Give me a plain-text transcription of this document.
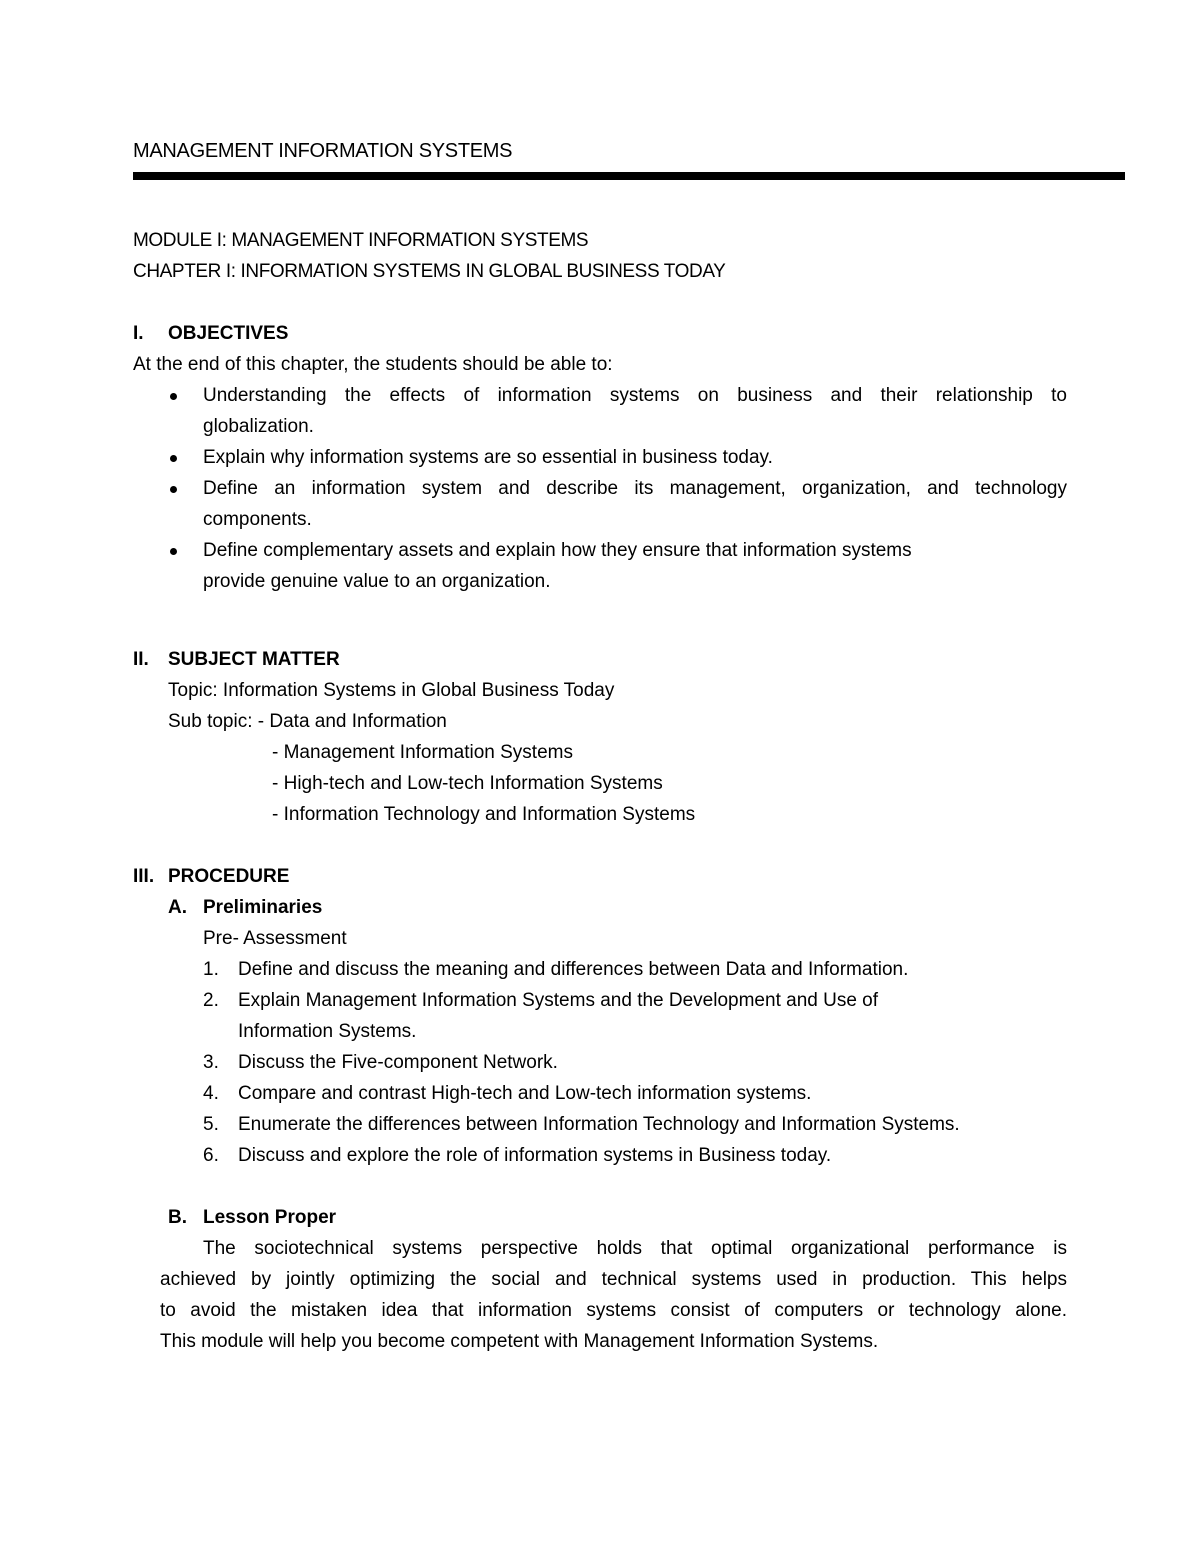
MANAGEMENT INFORMATION SYSTEMS
MODULE I: MANAGEMENT INFORMATION SYSTEMS
CHAPTER I: INFORMATION SYSTEMS IN GLOBAL BUSINESS TODAY
I. OBJECTIVES
At the end of this chapter, the students should be able to:
Understanding the effects of information systems on business and their relationship to
globalization.
Explain why information systems are so essential in business today.
Define an information system and describe its management, organization, and technology
components.
Define complementary assets and explain how they ensure that information systems
provide genuine value to an organization.
II. SUBJECT MATTER
Topic: Information Systems in Global Business Today
Sub topic: - Data and Information
- Management Information Systems
- High-tech and Low-tech Information Systems
- Information Technology and Information Systems
III. PROCEDURE
A. Preliminaries
Pre- Assessment
1. Define and discuss the meaning and differences between Data and Information.
2. Explain Management Information Systems and the Development and Use of
Information Systems.
3. Discuss the Five-component Network.
4. Compare and contrast High-tech and Low-tech information systems.
5. Enumerate the differences between Information Technology and Information Systems.
6. Discuss and explore the role of information systems in Business today.
B. Lesson Proper
The sociotechnical systems perspective holds that optimal organizational performance is
achieved by jointly optimizing the social and technical systems used in production. This helps
to avoid the mistaken idea that information systems consist of computers or technology alone.
This module will help you become competent with Management Information Systems.
